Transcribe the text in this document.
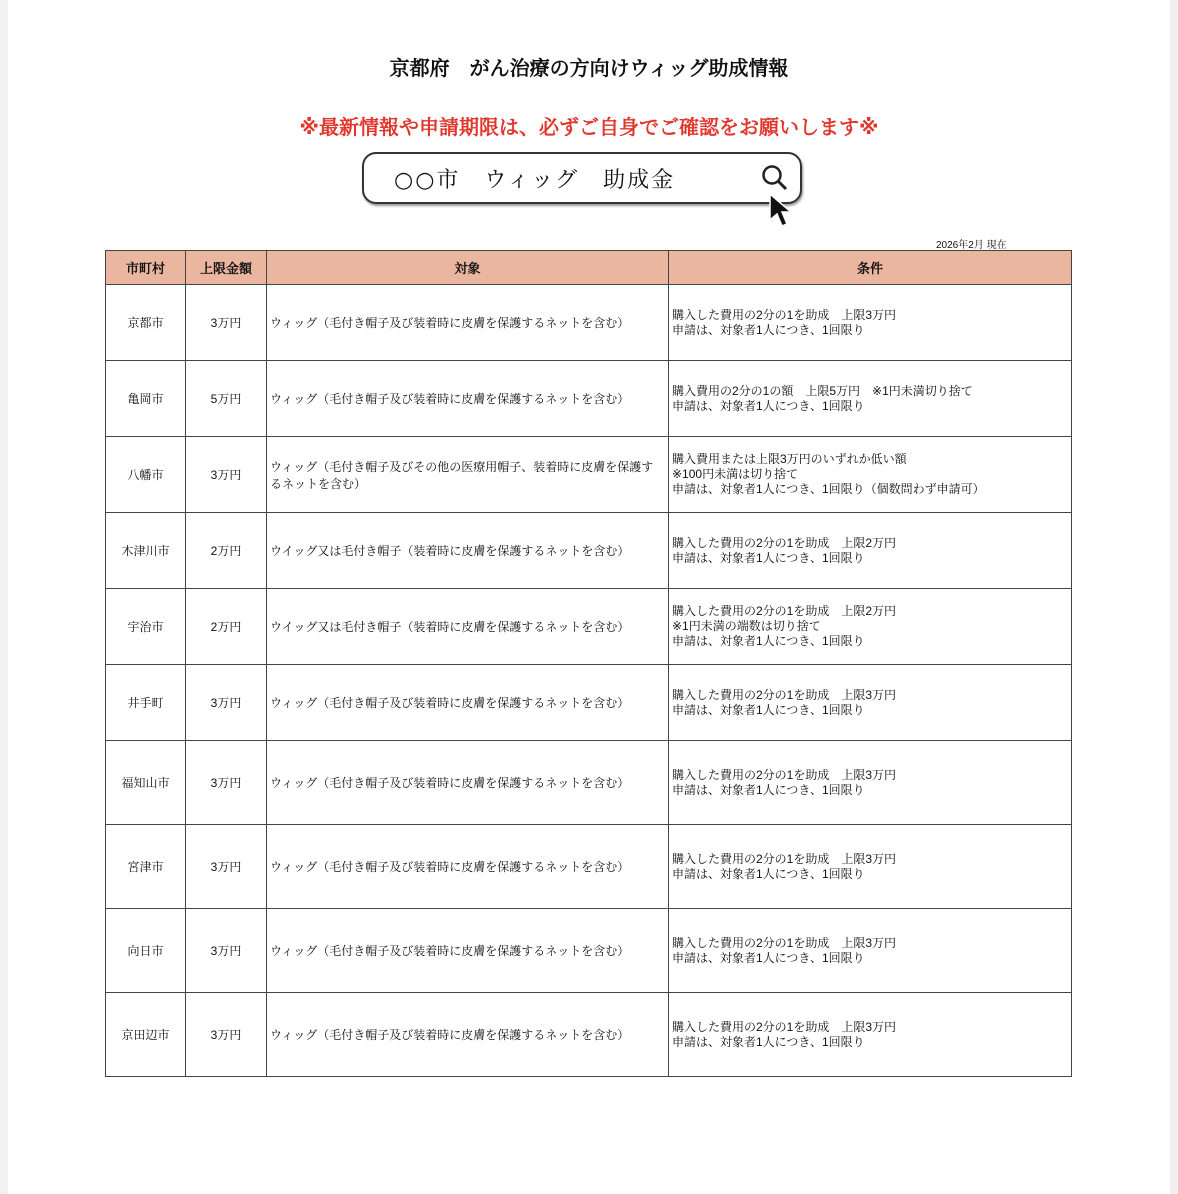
京都府　がん治療の方向けウィッグ助成情報
※最新情報や申請期限は、必ずご自身でご確認をお願いします※
○○市　ウィッグ　助成金
2026年2月 現在
市町村	上限金額	対象	条件
京都市	3万円	ウィッグ（毛付き帽子及び装着時に皮膚を保護するネットを含む）	購入した費用の2分の1を助成　上限3万円
申請は、対象者1人につき、1回限り

亀岡市	5万円	ウィッグ（毛付き帽子及び装着時に皮膚を保護するネットを含む）	購入費用の2分の1の額　上限5万円　※1円未満切り捨て
申請は、対象者1人につき、1回限り

八幡市	3万円	ウィッグ（毛付き帽子及びその他の医療用帽子、装着時に皮膚を保護するネットを含む）	購入費用または上限3万円のいずれか低い額
※100円未満は切り捨て
申請は、対象者1人につき、1回限り（個数問わず申請可）

木津川市	2万円	ウイッグ又は毛付き帽子（装着時に皮膚を保護するネットを含む）	購入した費用の2分の1を助成　上限2万円
申請は、対象者1人につき、1回限り

宇治市	2万円	ウイッグ又は毛付き帽子（装着時に皮膚を保護するネットを含む）	購入した費用の2分の1を助成　上限2万円
※1円未満の端数は切り捨て
申請は、対象者1人につき、1回限り

井手町	3万円	ウィッグ（毛付き帽子及び装着時に皮膚を保護するネットを含む）	購入した費用の2分の1を助成　上限3万円
申請は、対象者1人につき、1回限り

福知山市	3万円	ウィッグ（毛付き帽子及び装着時に皮膚を保護するネットを含む）	購入した費用の2分の1を助成　上限3万円
申請は、対象者1人につき、1回限り

宮津市	3万円	ウィッグ（毛付き帽子及び装着時に皮膚を保護するネットを含む）	購入した費用の2分の1を助成　上限3万円
申請は、対象者1人につき、1回限り

向日市	3万円	ウィッグ（毛付き帽子及び装着時に皮膚を保護するネットを含む）	購入した費用の2分の1を助成　上限3万円
申請は、対象者1人につき、1回限り

京田辺市	3万円	ウィッグ（毛付き帽子及び装着時に皮膚を保護するネットを含む）	購入した費用の2分の1を助成　上限3万円
申請は、対象者1人につき、1回限り
